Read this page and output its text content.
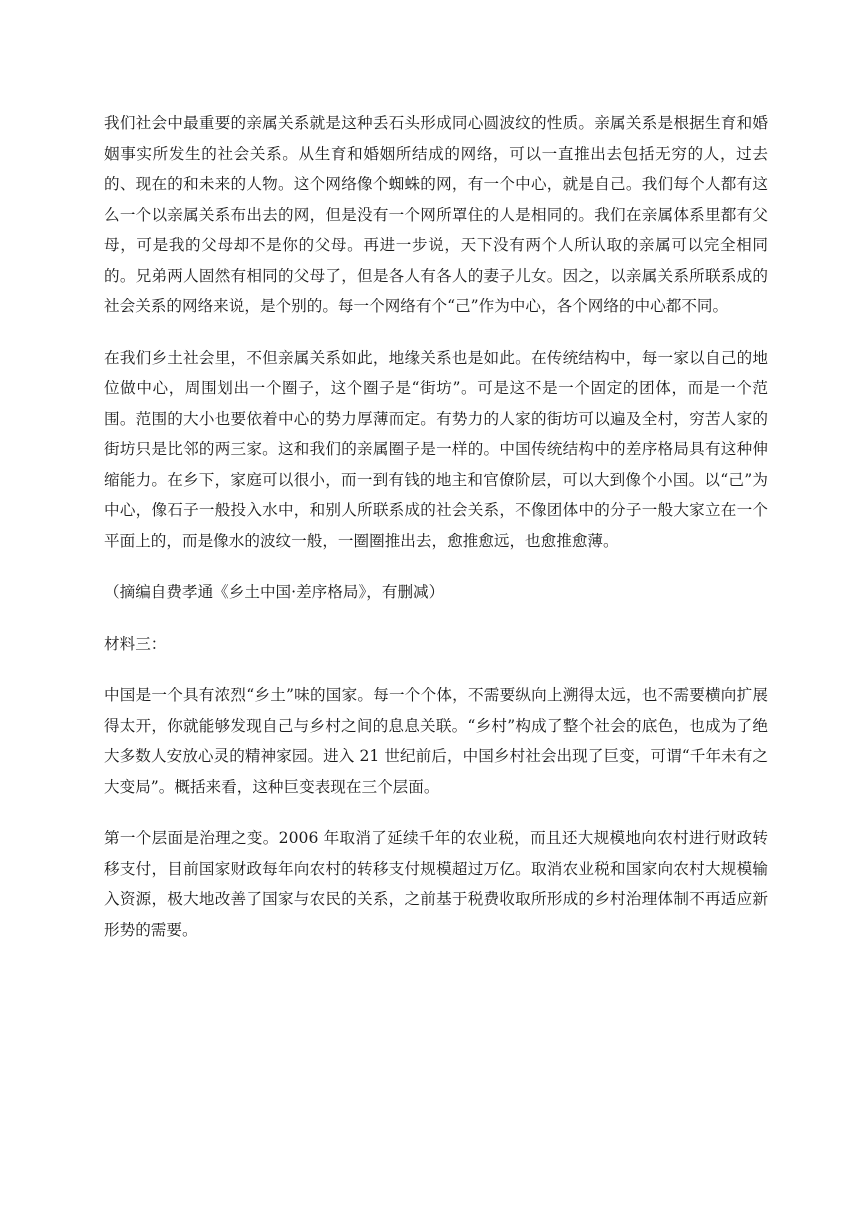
我们社会中最重要的亲属关系就是这种丢石头形成同心圆波纹的性质。亲属关系是根据生育和婚姻事实所发生的社会关系。从生育和婚姻所结成的网络，可以一直推出去包括无穷的人，过去的、现在的和未来的人物。这个网络像个蜘蛛的网，有一个中心，就是自己。我们每个人都有这么一个以亲属关系布出去的网，但是没有一个网所罩住的人是相同的。我们在亲属体系里都有父母，可是我的父母却不是你的父母。再进一步说，天下没有两个人所认取的亲属可以完全相同的。兄弟两人固然有相同的父母了，但是各人有各人的妻子儿女。因之，以亲属关系所联系成的社会关系的网络来说，是个别的。每一个网络有个“己”作为中心，各个网络的中心都不同。

在我们乡土社会里，不但亲属关系如此，地缘关系也是如此。在传统结构中，每一家以自己的地位做中心，周围划出一个圈子，这个圈子是“街坊”。可是这不是一个固定的团体，而是一个范围。范围的大小也要依着中心的势力厚薄而定。有势力的人家的街坊可以遍及全村，穷苦人家的街坊只是比邻的两三家。这和我们的亲属圈子是一样的。中国传统结构中的差序格局具有这种伸缩能力。在乡下，家庭可以很小，而一到有钱的地主和官僚阶层，可以大到像个小国。以“己”为中心，像石子一般投入水中，和别人所联系成的社会关系，不像团体中的分子一般大家立在一个平面上的，而是像水的波纹一般，一圈圈推出去，愈推愈远，也愈推愈薄。

（摘编自费孝通《乡土中国·差序格局》，有删减）

材料三：

中国是一个具有浓烈“乡土”味的国家。每一个个体，不需要纵向上溯得太远，也不需要横向扩展得太开，你就能够发现自己与乡村之间的息息关联。“乡村”构成了整个社会的底色，也成为了绝大多数人安放心灵的精神家园。进入 21 世纪前后，中国乡村社会出现了巨变，可谓“千年未有之大变局”。概括来看，这种巨变表现在三个层面。

第一个层面是治理之变。2006 年取消了延续千年的农业税，而且还大规模地向农村进行财政转移支付，目前国家财政每年向农村的转移支付规模超过万亿。取消农业税和国家向农村大规模输入资源，极大地改善了国家与农民的关系，之前基于税费收取所形成的乡村治理体制不再适应新形势的需要。
